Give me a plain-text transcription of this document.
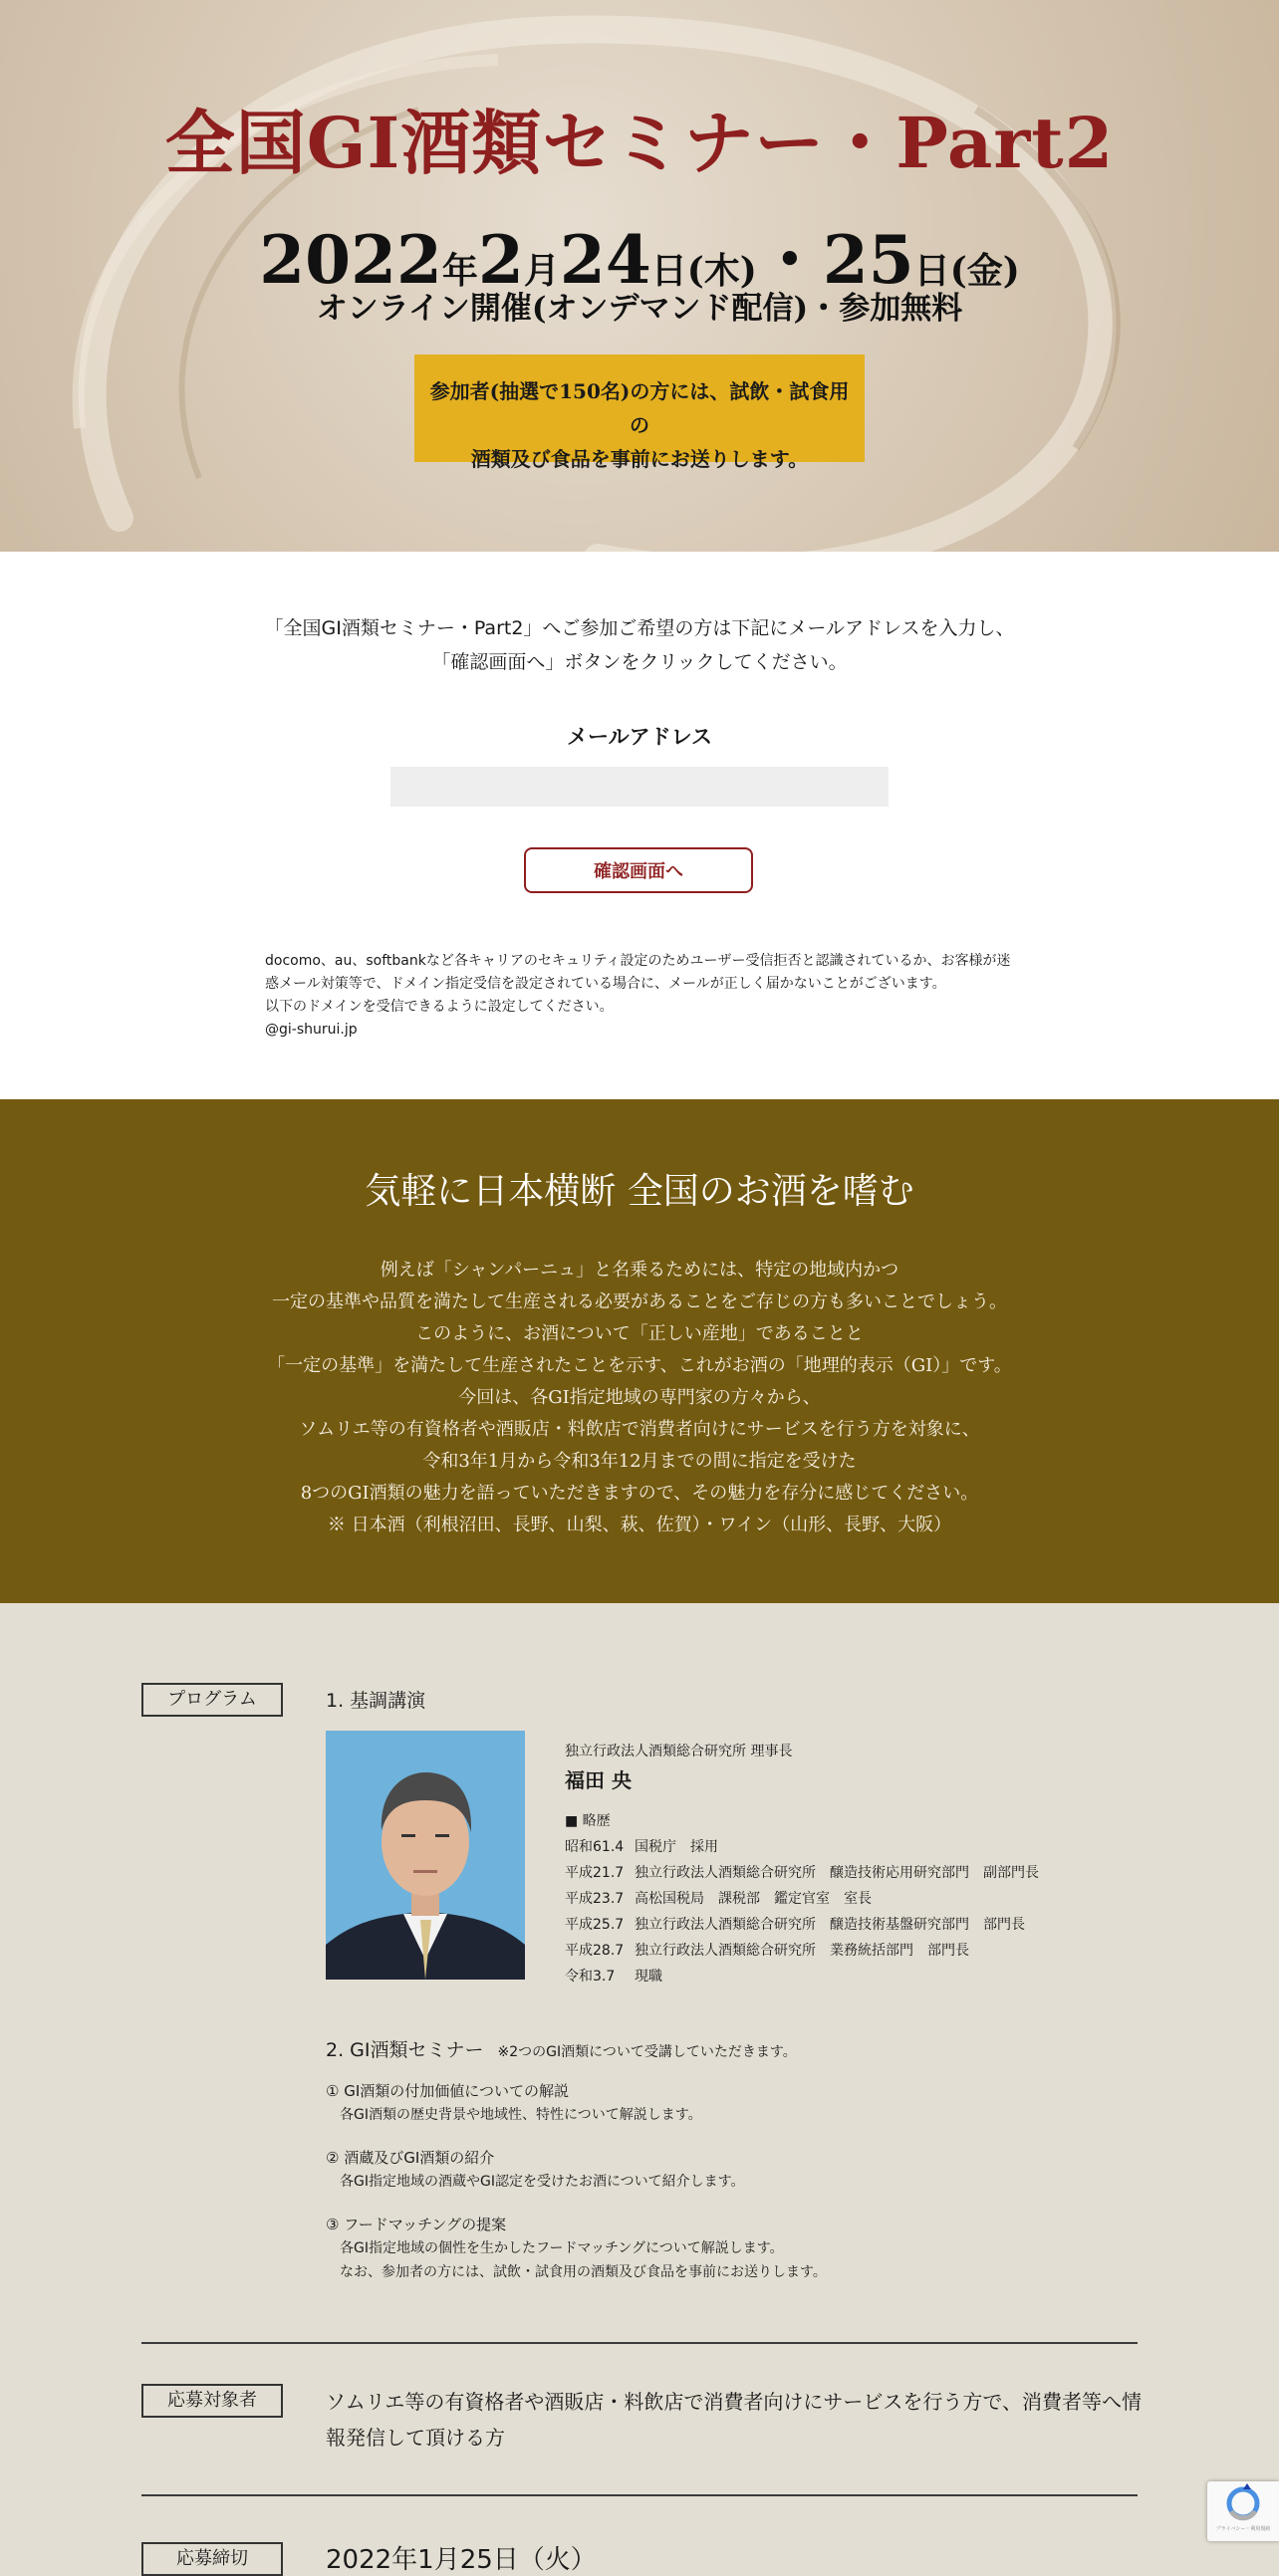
全国GI酒類セミナー・Part2
2022年2月24日(木)・25日(金)
オンライン開催(オンデマンド配信)・参加無料
参加者(抽選で150名)の方には、試飲・試食用の
酒類及び食品を事前にお送りします。
「全国GI酒類セミナー・Part2」へご参加ご希望の方は下記にメールアドレスを入力し、
「確認画面へ」ボタンをクリックしてください。
メールアドレス
確認画面へ
docomo、au、softbankなど各キャリアのセキュリティ設定のためユーザー受信拒否と認識されているか、お客様が迷
惑メール対策等で、ドメイン指定受信を設定されている場合に、メールが正しく届かないことがございます。
以下のドメインを受信できるように設定してください。
@gi-shurui.jp
気軽に日本横断 全国のお酒を嗜む
例えば「シャンパーニュ」と名乗るためには、特定の地域内かつ
一定の基準や品質を満たして生産される必要があることをご存じの方も多いことでしょう。
このように、お酒について「正しい産地」であることと
「一定の基準」を満たして生産されたことを示す、これがお酒の「地理的表示（GI）」です。
今回は、各GI指定地域の専門家の方々から、
ソムリエ等の有資格者や酒販店・料飲店で消費者向けにサービスを行う方を対象に、
令和3年1月から令和3年12月までの間に指定を受けた
8つのGI酒類の魅力を語っていただきますので、その魅力を存分に感じてください。
※ 日本酒（利根沼田、長野、山梨、萩、佐賀）・ワイン（山形、長野、大阪）
プログラム	1. 基調講演
独立行政法人酒類総合研究所 理事長
福田 央
■ 略歴
昭和61.4 国税庁　採用
平成21.7 独立行政法人酒類総合研究所　醸造技術応用研究部門　副部門長
平成23.7 高松国税局　課税部　鑑定官室　室長
平成25.7 独立行政法人酒類総合研究所　醸造技術基盤研究部門　部門長
平成28.7 独立行政法人酒類総合研究所　業務統括部門　部門長
令和3.7 現職
2. GI酒類セミナー ※2つのGI酒類について受講していただきます。
① GI酒類の付加価値についての解説
各GI酒類の歴史背景や地域性、特性について解説します。
② 酒蔵及びGI酒類の紹介
各GI指定地域の酒蔵やGI認定を受けたお酒について紹介します。
③ フードマッチングの提案
各GI指定地域の個性を生かしたフードマッチングについて解説します。
なお、参加者の方には、試飲・試食用の酒類及び食品を事前にお送りします。
応募対象者	ソムリエ等の有資格者や酒販店・料飲店で消費者向けにサービスを行う方で、消費者等へ情報発信して頂ける方
応募締切	2022年1月25日（火）
プライバシー・利用規約
